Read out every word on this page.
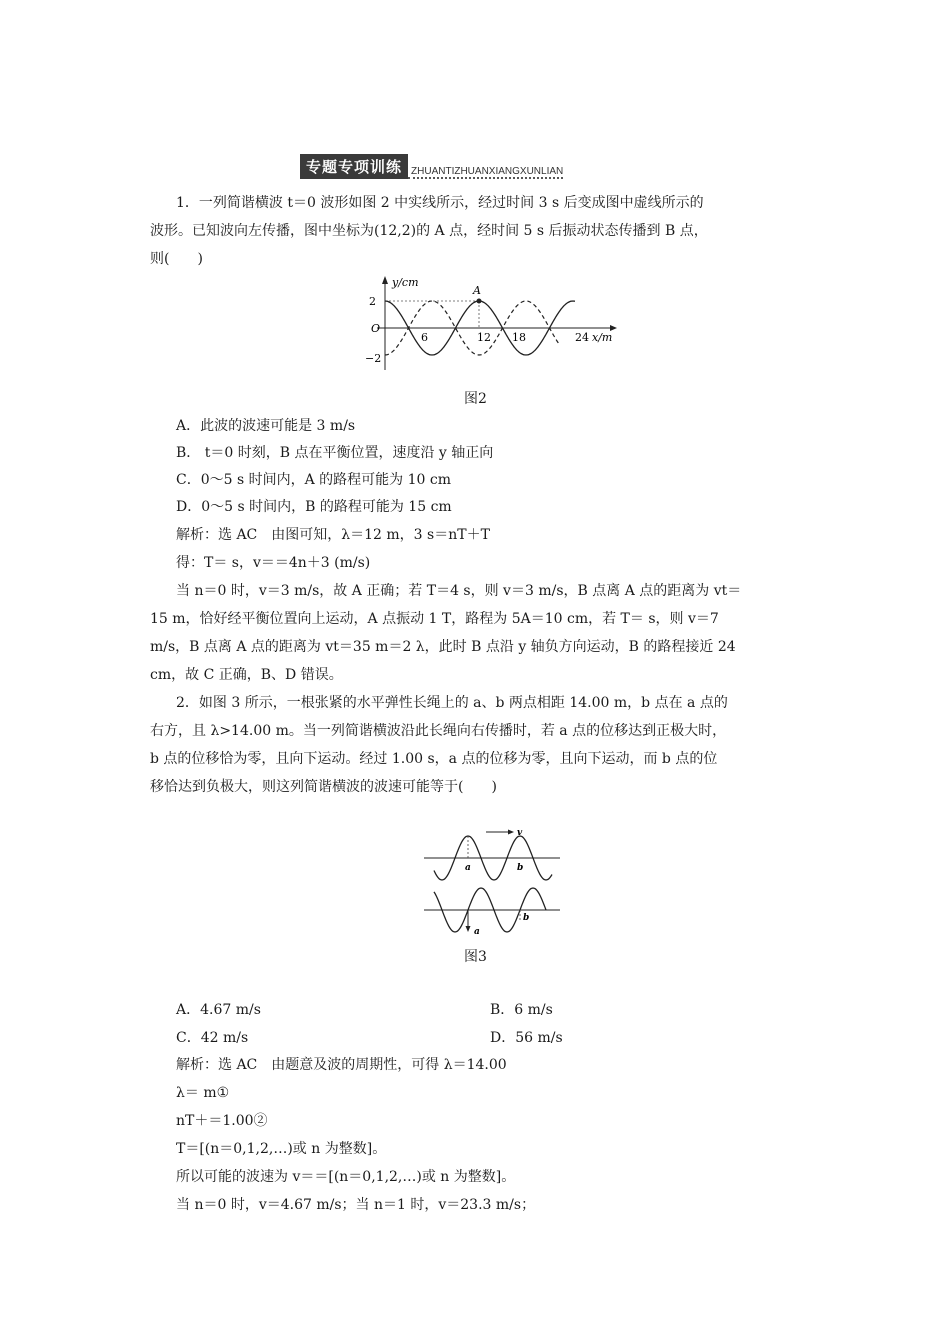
专题专项训练 ZHUANTIZHUANXIANGXUNLIAN
1．一列简谐横波 t＝0 波形如图 2 中实线所示，经过时间 3 s 后变成图中虚线所示的
波形。已知波向左传播，图中坐标为(12,2)的 A 点，经时间 5 s 后振动状态传播到 B 点，
则(　　)
A
y/cm
2
−2
O
6	12 18	24 x/m
图2
A．此波的波速可能是 3 m/s
B． t＝0 时刻，B 点在平衡位置，速度沿 y 轴正向
C．0～5 s 时间内，A 的路程可能为 10 cm
D．0～5 s 时间内，B 的路程可能为 15 cm
解析：选 AC　由图可知，λ＝12 m，3 s＝nT＋T
得：T＝ s，v＝＝4n＋3 (m/s)
当 n＝0 时，v＝3 m/s，故 A 正确；若 T＝4 s，则 v＝3 m/s，B 点离 A 点的距离为 vt＝
15 m，恰好经平衡位置向上运动，A 点振动 1 T，路程为 5A＝10 cm，若 T＝ s，则 v＝7
m/s，B 点离 A 点的距离为 vt＝35 m＝2 λ，此时 B 点沿 y 轴负方向运动，B 的路程接近 24
cm，故 C 正确，B、D 错误。
2．如图 3 所示，一根张紧的水平弹性长绳上的 a、b 两点相距 14.00 m，b 点在 a 点的
右方，且 λ>14.00 m。当一列简谐横波沿此长绳向右传播时，若 a 点的位移达到正极大时，
b 点的位移恰为零，且向下运动。经过 1.00 s，a 点的位移为零，且向下运动，而 b 点的位
移恰达到负极大，则这列简谐横波的波速可能等于(　　)
v
a	b
b
a
图3
A．4.67 m/s	B．6 m/s
C．42 m/s	D．56 m/s
解析：选 AC　由题意及波的周期性，可得 λ＝14.00
λ＝ m①
nT＋＝1.00②
T＝[(n＝0,1,2,…)或 n 为整数]。
所以可能的波速为 v＝＝[(n＝0,1,2,…)或 n 为整数]。
当 n＝0 时，v＝4.67 m/s；当 n＝1 时，v＝23.3 m/s；
